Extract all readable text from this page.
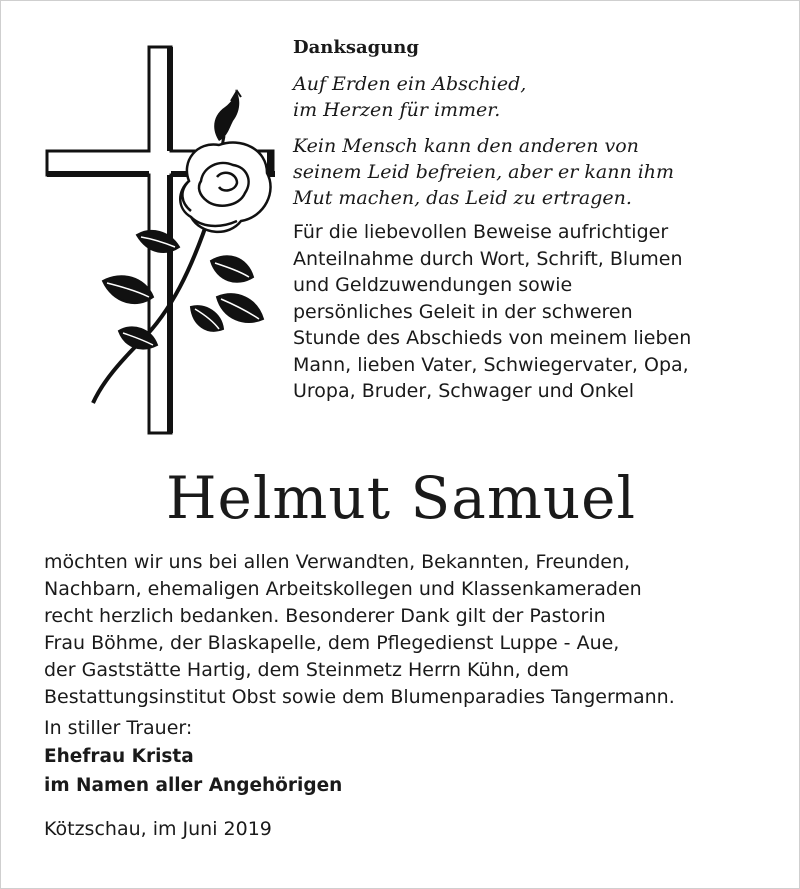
Danksagung

Auf Erden ein Abschied,
im Herzen für immer.

Kein Mensch kann den anderen von
seinem Leid befreien, aber er kann ihm
Mut machen, das Leid zu ertragen.

Für die liebevollen Beweise aufrichtiger
Anteilnahme durch Wort, Schrift, Blumen
und Geldzuwendungen sowie
persönliches Geleit in der schweren
Stunde des Abschieds von meinem lieben
Mann, lieben Vater, Schwiegervater, Opa,
Uropa, Bruder, Schwager und Onkel

Helmut Samuel

möchten wir uns bei allen Verwandten, Bekannten, Freunden,
Nachbarn, ehemaligen Arbeitskollegen und Klassenkameraden
recht herzlich bedanken. Besonderer Dank gilt der Pastorin
Frau Böhme, der Blaskapelle, dem Pflegedienst Luppe - Aue,
der Gaststätte Hartig, dem Steinmetz Herrn Kühn, dem
Bestattungsinstitut Obst sowie dem Blumenparadies Tangermann.

In stiller Trauer:

Ehefrau Krista

im Namen aller Angehörigen

Kötzschau, im Juni 2019
